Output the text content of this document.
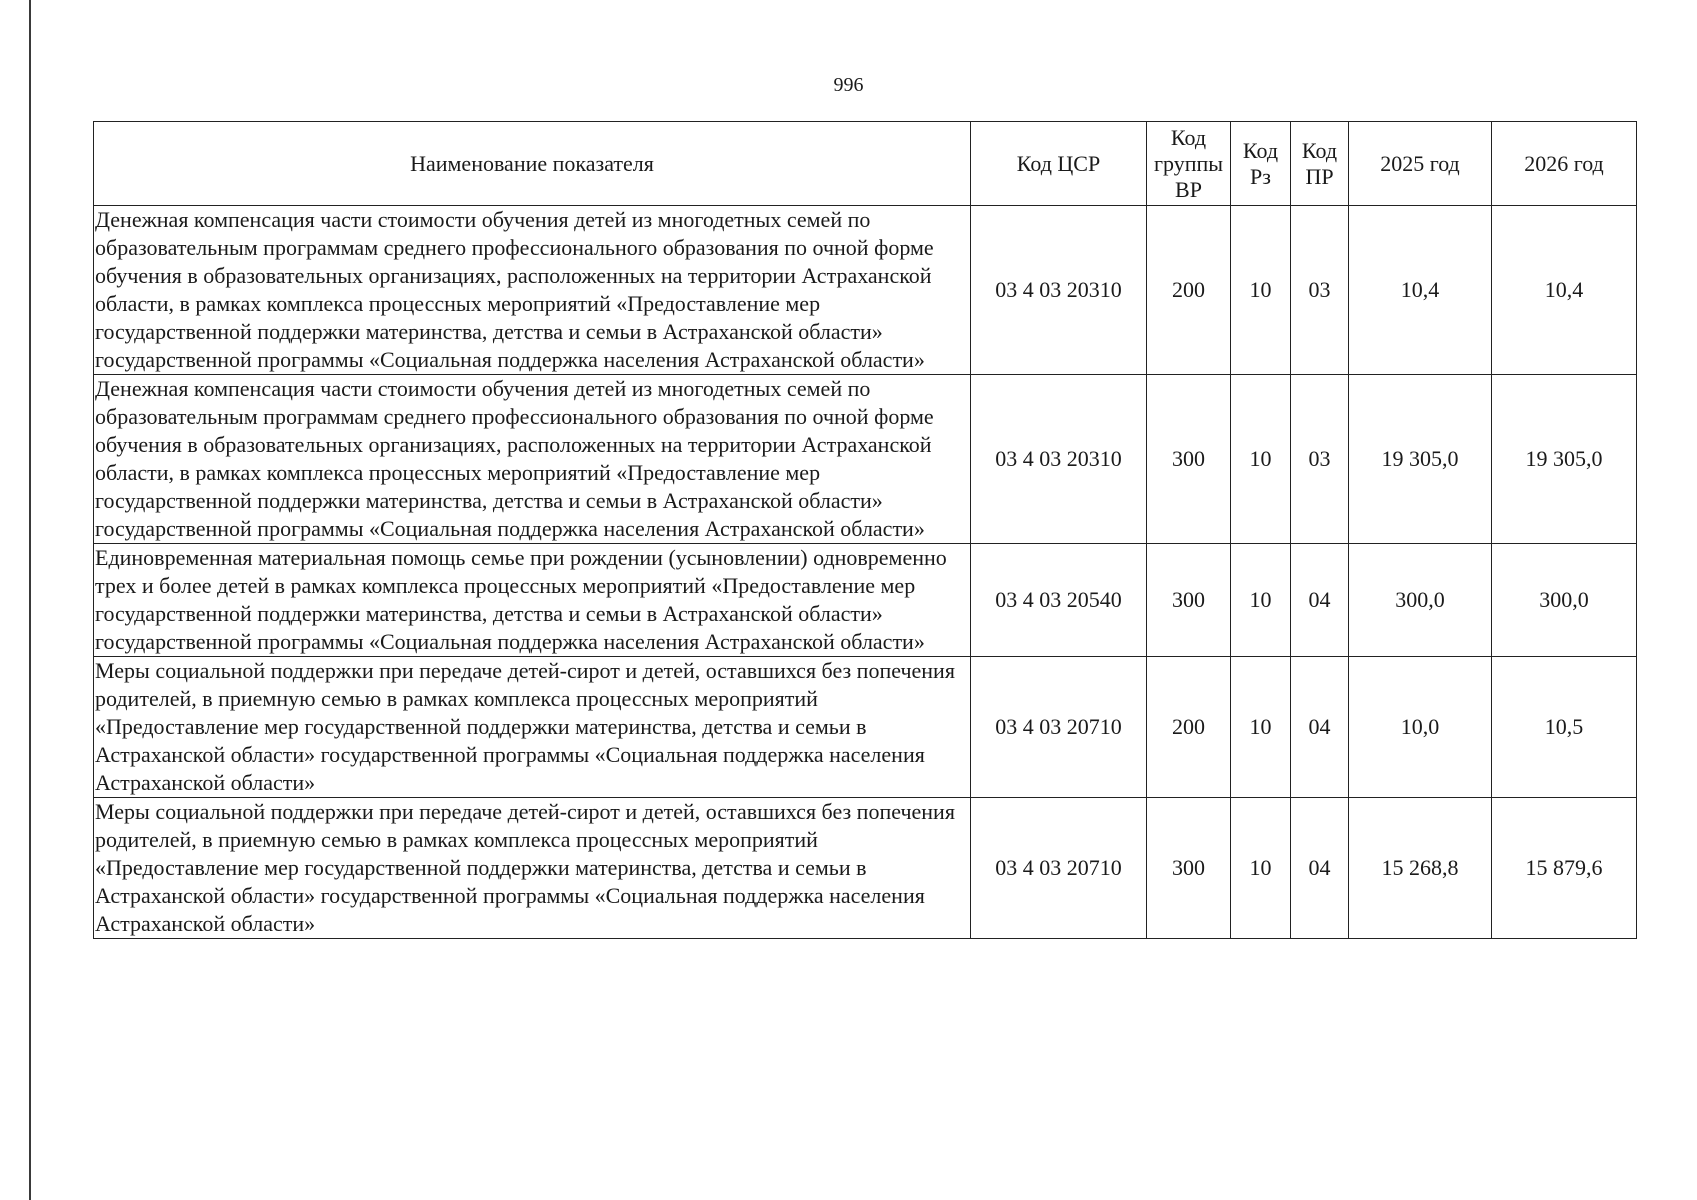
996
Наименование показателя	Код ЦСР	Код группы ВР	Код Рз	Код ПР	2025 год	2026 год
Денежная компенсация части стоимости обучения детей из многодетных семей по образовательным программам среднего профессионального образования по очной форме обучения в образовательных организациях, расположенных на территории Астраханской области, в рамках комплекса процессных мероприятий «Предоставление мер государственной поддержки материнства, детства и семьи в Астраханской области» государственной программы «Социальная поддержка населения Астраханской области»	03 4 03 20310	200	10	03	10,4	10,4
Денежная компенсация части стоимости обучения детей из многодетных семей по образовательным программам среднего профессионального образования по очной форме обучения в образовательных организациях, расположенных на территории Астраханской области, в рамках комплекса процессных мероприятий «Предоставление мер государственной поддержки материнства, детства и семьи в Астраханской области» государственной программы «Социальная поддержка населения Астраханской области»	03 4 03 20310	300	10	03	19 305,0	19 305,0
Единовременная материальная помощь семье при рождении (усыновлении) одновременно трех и более детей в рамках комплекса процессных мероприятий «Предоставление мер государственной поддержки материнства, детства и семьи в Астраханской области» государственной программы «Социальная поддержка населения Астраханской области»	03 4 03 20540	300	10	04	300,0	300,0
Меры социальной поддержки при передаче детей-сирот и детей, оставшихся без попечения родителей, в приемную семью в рамках комплекса процессных мероприятий «Предоставление мер государственной поддержки материнства, детства и семьи в Астраханской области» государственной программы «Социальная поддержка населения Астраханской области»	03 4 03 20710	200	10	04	10,0	10,5
Меры социальной поддержки при передаче детей-сирот и детей, оставшихся без попечения родителей, в приемную семью в рамках комплекса процессных мероприятий «Предоставление мер государственной поддержки материнства, детства и семьи в Астраханской области» государственной программы «Социальная поддержка населения Астраханской области»	03 4 03 20710	300	10	04	15 268,8	15 879,6
